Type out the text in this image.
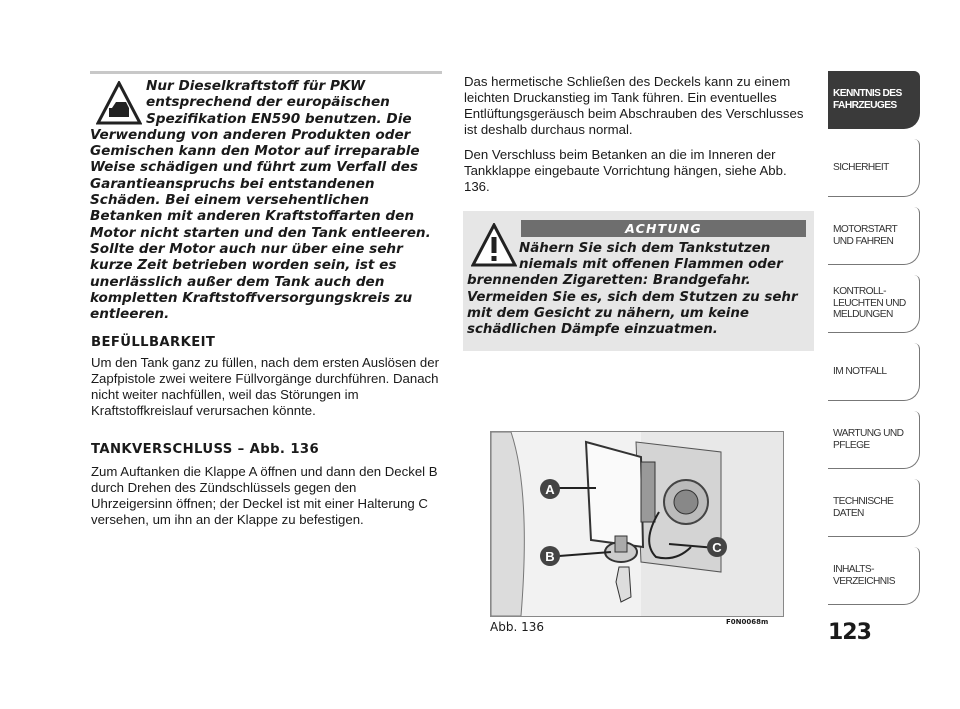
Nur Dieselkraftstoff für PKW entsprechend der europäischen Spezifikation EN590 benutzen. Die
Verwendung von anderen Produkten oder Gemischen kann den Motor auf irreparable Weise schädigen und führt zum Verfall des Garantieanspruchs bei entstandenen Schäden. Bei einem versehentlichen Betanken mit anderen Kraftstoffarten den Motor nicht starten und den Tank entleeren. Sollte der Motor auch nur über eine sehr kurze Zeit betrieben worden sein, ist es unerlässlich außer dem Tank auch den kompletten Kraftstoffversorgungskreis zu entleeren.
BEFÜLLBARKEIT
Um den Tank ganz zu füllen, nach dem ersten Auslösen der Zapfpistole zwei weitere Füllvorgänge durchführen. Danach nicht weiter nachfüllen, weil das Störungen im Kraftstoffkreislauf verursachen könnte.
TANKVERSCHLUSS – Abb. 136
Zum Auftanken die Klappe A öffnen und dann den Deckel B durch Drehen des Zündschlüssels gegen den Uhrzeigersinn öffnen; der Deckel ist mit einer Halterung C versehen, um ihn an der Klappe zu befestigen.
Das hermetische Schließen des Deckels kann zu einem leichten Druckanstieg im Tank führen. Ein eventuelles Entlüftungsgeräusch beim Abschrauben des Verschlusses ist deshalb durchaus normal.
Den Verschluss beim Betanken an die im Inneren der Tankklappe eingebaute Vorrichtung hängen, siehe Abb. 136.
ACHTUNG
Nähern Sie sich dem Tankstutzen niemals mit offenen Flammen oder
brennenden Zigaretten: Brandgefahr. Vermeiden Sie es, sich dem Stutzen zu sehr mit dem Gesicht zu nähern, um keine schädlichen Dämpfe einzuatmen.
A
B
C
Abb. 136	F0N0068m
KENNTNIS DES FAHRZEUGES
SICHERHEIT
MOTORSTART UND FAHREN
KONTROLL- LEUCHTEN UND MELDUNGEN
IM NOTFALL
WARTUNG UND PFLEGE
TECHNISCHE DATEN
INHALTS- VERZEICHNIS
123
